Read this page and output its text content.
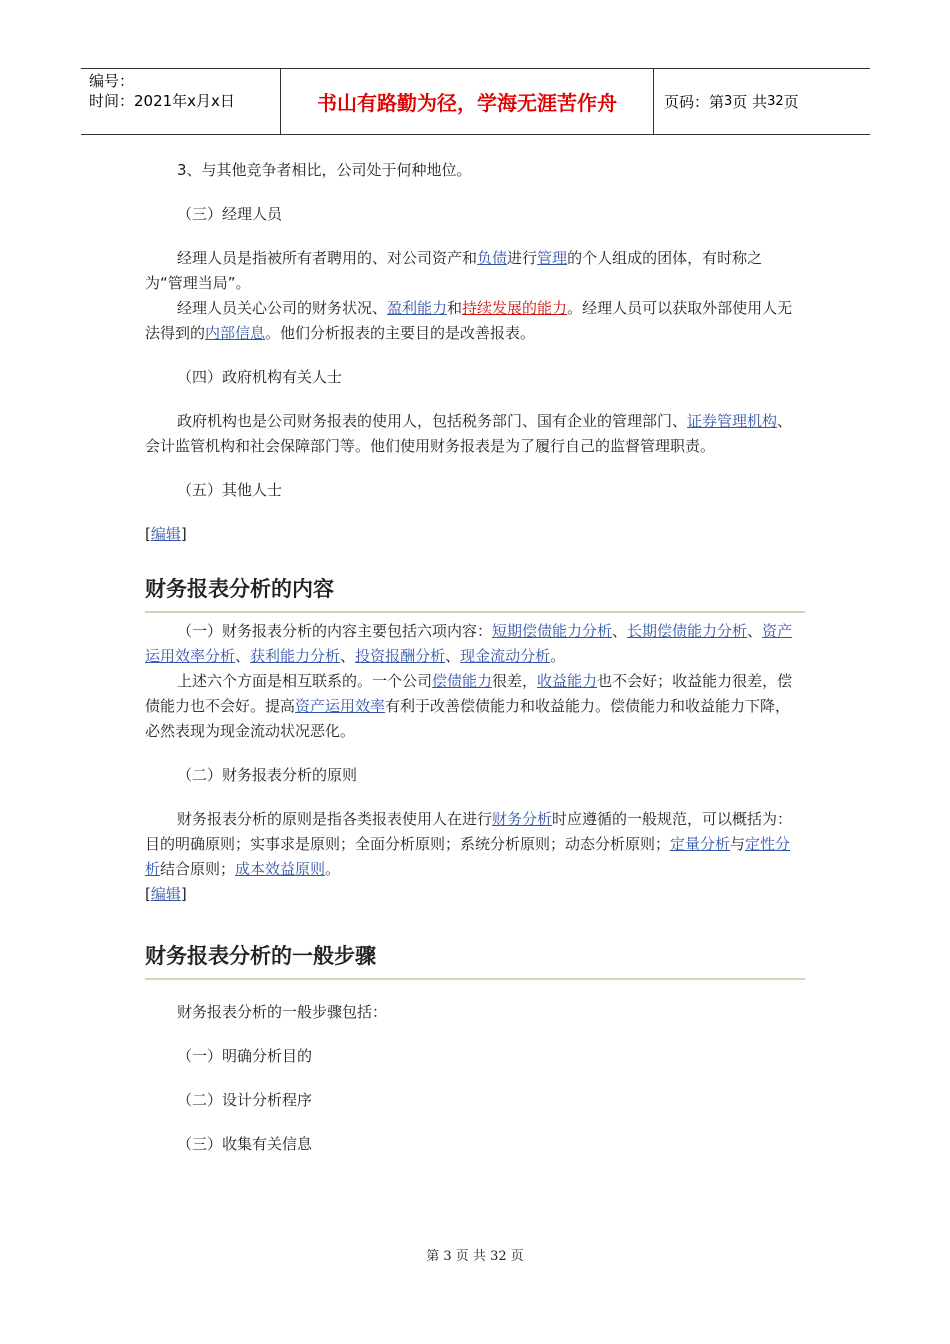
编号：
时间：2021年x月x日	书山有路勤为径，学海无涯苦作舟	页码：第 3 页 共 32 页

3、与其他竞争者相比，公司处于何种地位。

（三）经理人员

经理人员是指被所有者聘用的、对公司资产和负债进行管理的个人组成的团体，有时称之为“管理当局”。

经理人员关心公司的财务状况、盈利能力和持续发展的能力。经理人员可以获取外部使用人无法得到的内部信息。他们分析报表的主要目的是改善报表。

（四）政府机构有关人士

政府机构也是公司财务报表的使用人，包括税务部门、国有企业的管理部门、证券管理机构、会计监管机构和社会保障部门等。他们使用财务报表是为了履行自己的监督管理职责。

（五）其他人士

[编辑]

财务报表分析的内容

（一）财务报表分析的内容主要包括六项内容：短期偿债能力分析、长期偿债能力分析、资产运用效率分析、获利能力分析、投资报酬分析、现金流动分析。

上述六个方面是相互联系的。一个公司偿债能力很差，收益能力也不会好；收益能力很差，偿债能力也不会好。提高资产运用效率有利于改善偿债能力和收益能力。偿债能力和收益能力下降，必然表现为现金流动状况恶化。

（二）财务报表分析的原则

财务报表分析的原则是指各类报表使用人在进行财务分析时应遵循的一般规范，可以概括为：目的明确原则；实事求是原则；全面分析原则；系统分析原则；动态分析原则；定量分析与定性分析结合原则；成本效益原则。

[编辑]

财务报表分析的一般步骤

财务报表分析的一般步骤包括：

（一）明确分析目的

（二）设计分析程序

（三）收集有关信息

第 3 页 共 32 页
